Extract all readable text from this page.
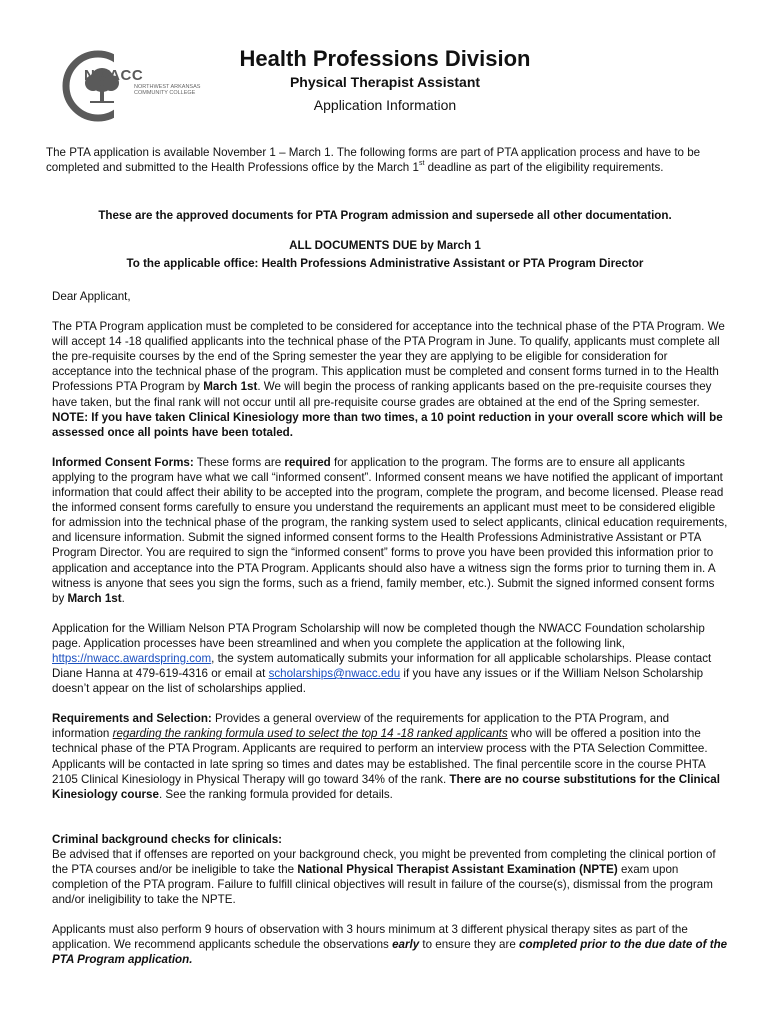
NWACC
NORTHWEST ARKANSAS
COMMUNITY COLLEGE
Health Professions Division
Physical Therapist Assistant
Application Information
The PTA application is available November 1 – March 1. The following forms are part of PTA application process and have to be completed and submitted to the Health Professions office by the March 1st deadline as part of the eligibility requirements.
These are the approved documents for PTA Program admission and supersede all other documentation.
ALL DOCUMENTS DUE by March 1
To the applicable office: Health Professions Administrative Assistant or PTA Program Director
Dear Applicant,
The PTA Program application must be completed to be considered for acceptance into the technical phase of the PTA Program. We will accept 14 -18 qualified applicants into the technical phase of the PTA Program in June. To qualify, applicants must complete all the pre-requisite courses by the end of the Spring semester the year they are applying to be eligible for consideration for acceptance into the technical phase of the program. This application must be completed and consent forms turned in to the Health Professions PTA Program by March 1st. We will begin the process of ranking applicants based on the pre-requisite courses they have taken, but the final rank will not occur until all pre-requisite course grades are obtained at the end of the Spring semester. NOTE: If you have taken Clinical Kinesiology more than two times, a 10 point reduction in your overall score which will be assessed once all points have been totaled.
Informed Consent Forms: These forms are required for application to the program. The forms are to ensure all applicants applying to the program have what we call “informed consent”. Informed consent means we have notified the applicant of important information that could affect their ability to be accepted into the program, complete the program, and become licensed. Please read the informed consent forms carefully to ensure you understand the requirements an applicant must meet to be considered eligible for admission into the technical phase of the program, the ranking system used to select applicants, clinical education requirements, and licensure information. Submit the signed informed consent forms to the Health Professions Administrative Assistant or PTA Program Director. You are required to sign the “informed consent” forms to prove you have been provided this information prior to application and acceptance into the PTA Program. Applicants should also have a witness sign the forms prior to turning them in. A witness is anyone that sees you sign the forms, such as a friend, family member, etc.). Submit the signed informed consent forms by March 1st.
Application for the William Nelson PTA Program Scholarship will now be completed though the NWACC Foundation scholarship page. Application processes have been streamlined and when you complete the application at the following link, https://nwacc.awardspring.com, the system automatically submits your information for all applicable scholarships. Please contact Diane Hanna at 479-619-4316 or email at scholarships@nwacc.edu if you have any issues or if the William Nelson Scholarship doesn’t appear on the list of scholarships applied.
Requirements and Selection: Provides a general overview of the requirements for application to the PTA Program, and information regarding the ranking formula used to select the top 14 -18 ranked applicants who will be offered a position into the technical phase of the PTA Program. Applicants are required to perform an interview process with the PTA Selection Committee. Applicants will be contacted in late spring so times and dates may be established. The final percentile score in the course PHTA 2105 Clinical Kinesiology in Physical Therapy will go toward 34% of the rank. There are no course substitutions for the Clinical Kinesiology course. See the ranking formula provided for details.
Criminal background checks for clinicals:
Be advised that if offenses are reported on your background check, you might be prevented from completing the clinical portion of the PTA courses and/or be ineligible to take the National Physical Therapist Assistant Examination (NPTE) exam upon completion of the PTA program. Failure to fulfill clinical objectives will result in failure of the course(s), dismissal from the program and/or ineligibility to take the NPTE.
Applicants must also perform 9 hours of observation with 3 hours minimum at 3 different physical therapy sites as part of the application. We recommend applicants schedule the observations early to ensure they are completed prior to the due date of the PTA Program application.
